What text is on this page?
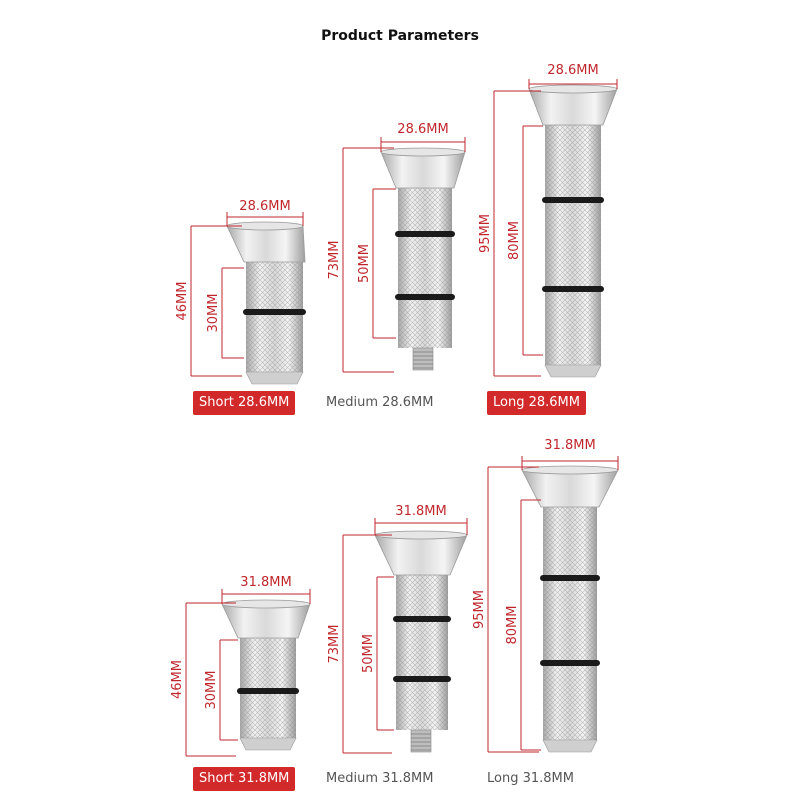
Product Parameters
28.6MM
46MM 30MM
28.6MM
73MM 50MM
28.6MM
95MM 80MM
31.8MM
46MM 30MM
31.8MM
73MM 50MM
31.8MM
95MM 80MM
Short 28.6MM	Medium 28.6MM	Long 28.6MM
Short 31.8MM	Medium 31.8MM	Long 31.8MM
